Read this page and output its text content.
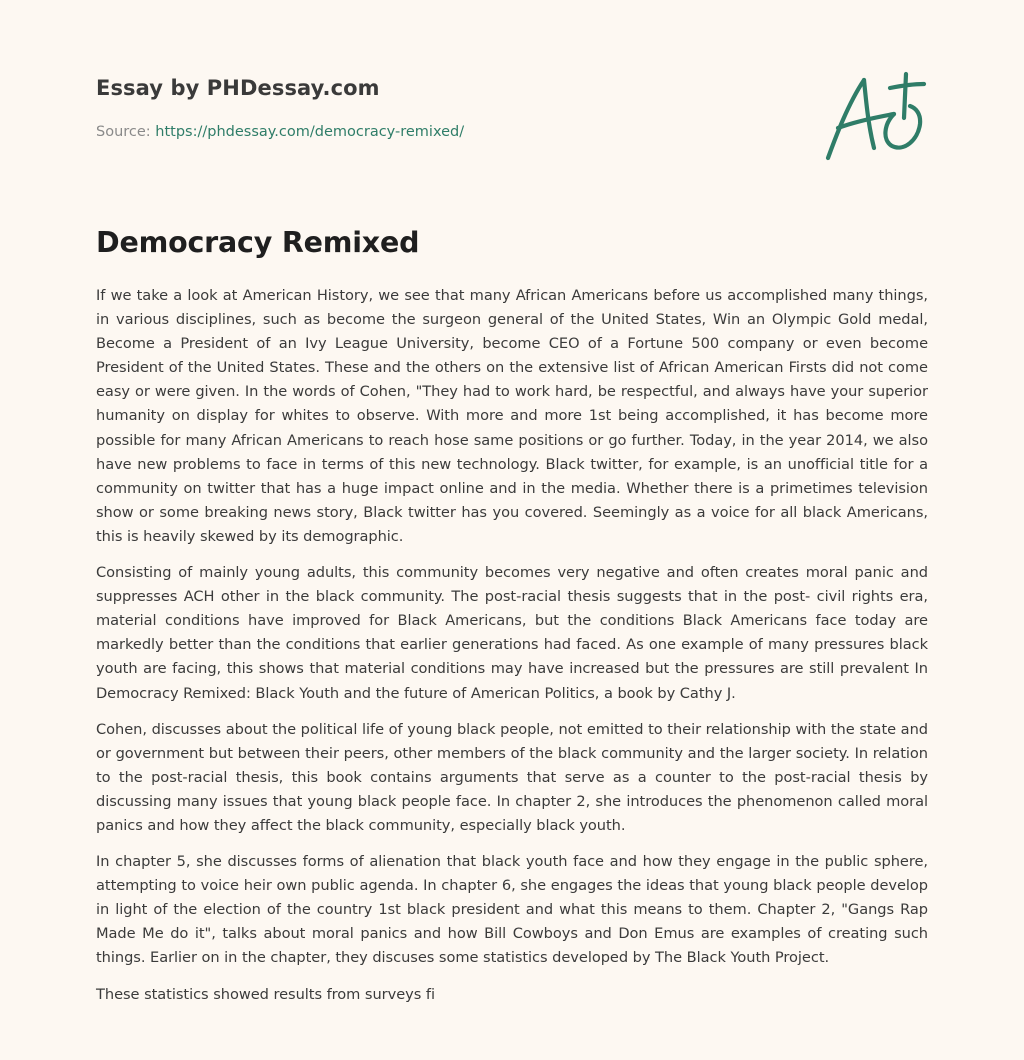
Essay by PHDessay.com
Source: https://phdessay.com/democracy-remixed/
Democracy Remixed

If we take a look at American History, we see that many African Americans before us accomplished many things, in various disciplines, such as become the surgeon general of the United States, Win an Olympic Gold medal, Become a President of an Ivy League University, become CEO of a Fortune 500 company or even become President of the United States. These and the others on the extensive list of African American Firsts did not come easy or were given. In the words of Cohen, "They had to work hard, be respectful, and always have your superior humanity on display for whites to observe. With more and more 1st being accomplished, it has become more possible for many African Americans to reach hose same positions or go further. Today, in the year 2014, we also have new problems to face in terms of this new technology. Black twitter, for example, is an unofficial title for a community on twitter that has a huge impact online and in the media. Whether there is a primetimes television show or some breaking news story, Black twitter has you covered. Seemingly as a voice for all black Americans, this is heavily skewed by its demographic.

Consisting of mainly young adults, this community becomes very negative and often creates moral panic and suppresses ACH other in the black community. The post-racial thesis suggests that in the post- civil rights era, material conditions have improved for Black Americans, but the conditions Black Americans face today are markedly better than the conditions that earlier generations had faced. As one example of many pressures black youth are facing, this shows that material conditions may have increased but the pressures are still prevalent In Democracy Remixed: Black Youth and the future of American Politics, a book by Cathy J.

Cohen, discusses about the political life of young black people, not emitted to their relationship with the state and or government but between their peers, other members of the black community and the larger society. In relation to the post-racial thesis, this book contains arguments that serve as a counter to the post-racial thesis by discussing many issues that young black people face. In chapter 2, she introduces the phenomenon called moral panics and how they affect the black community, especially black youth.

In chapter 5, she discusses forms of alienation that black youth face and how they engage in the public sphere, attempting to voice heir own public agenda. In chapter 6, she engages the ideas that young black people develop in light of the election of the country 1st black president and what this means to them. Chapter 2, "Gangs Rap Made Me do it", talks about moral panics and how Bill Cowboys and Don Emus are examples of creating such things. Earlier on in the chapter, they discuses some statistics developed by The Black Youth Project.

These statistics showed results from surveys fi
